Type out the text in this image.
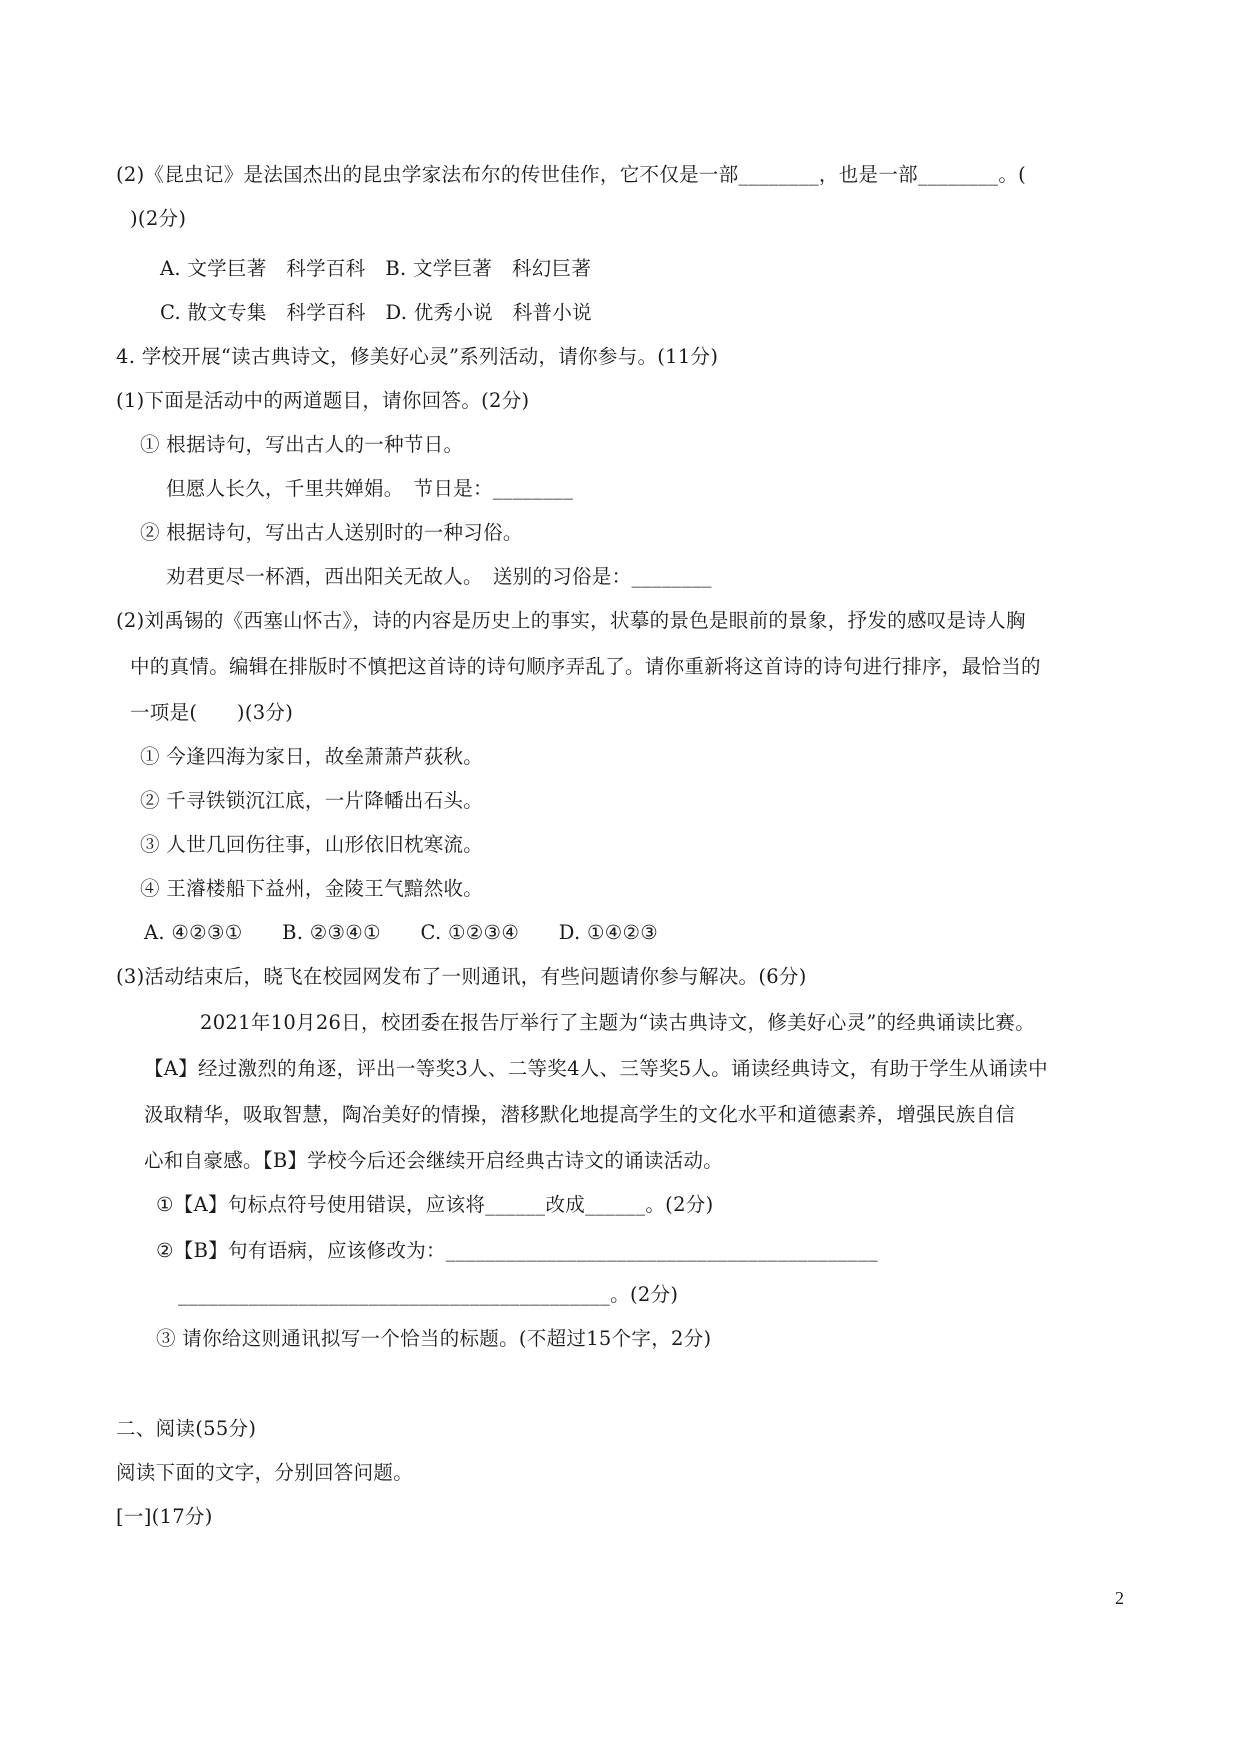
(2)《昆虫记》是法国杰出的昆虫学家法布尔的传世佳作，它不仅是一部________，也是一部________。(
)(2分)
A. 文学巨著　科学百科　B. 文学巨著　科幻巨著
C. 散文专集　科学百科　D. 优秀小说　科普小说
4. 学校开展“读古典诗文，修美好心灵”系列活动，请你参与。(11分)
(1)下面是活动中的两道题目，请你回答。(2分)
① 根据诗句，写出古人的一种节日。
但愿人长久，千里共婵娟。　节日是：________
② 根据诗句，写出古人送别时的一种习俗。
劝君更尽一杯酒，西出阳关无故人。　送别的习俗是：________
(2)刘禹锡的《西塞山怀古》，诗的内容是历史上的事实，状摹的景色是眼前的景象，抒发的感叹是诗人胸
中的真情。编辑在排版时不慎把这首诗的诗句顺序弄乱了。请你重新将这首诗的诗句进行排序，最恰当的
一项是(　　)(3分)
① 今逢四海为家日，故垒萧萧芦荻秋。
② 千寻铁锁沉江底，一片降幡出石头。
③ 人世几回伤往事，山形依旧枕寒流。
④ 王濬楼船下益州，金陵王气黯然收。
A. ④②③①　　B. ②③④①　　C. ①②③④　　D. ①④②③
(3)活动结束后，晓飞在校园网发布了一则通讯，有些问题请你参与解决。(6分)
2021年10月26日，校团委在报告厅举行了主题为“读古典诗文，修美好心灵”的经典诵读比赛。
【A】经过激烈的角逐，评出一等奖3人、二等奖4人、三等奖5人。诵读经典诗文，有助于学生从诵读中
汲取精华，吸取智慧，陶冶美好的情操，潜移默化地提高学生的文化水平和道德素养，增强民族自信
心和自豪感。【B】学校今后还会继续开启经典古诗文的诵读活动。
①【A】句标点符号使用错误，应该将______改成______。(2分)
②【B】句有语病，应该修改为：___________________________________________
___________________________________________。(2分)
③ 请你给这则通讯拟写一个恰当的标题。(不超过15个字，2分)
二、阅读(55分)
阅读下面的文字，分别回答问题。
[一](17分)
2
